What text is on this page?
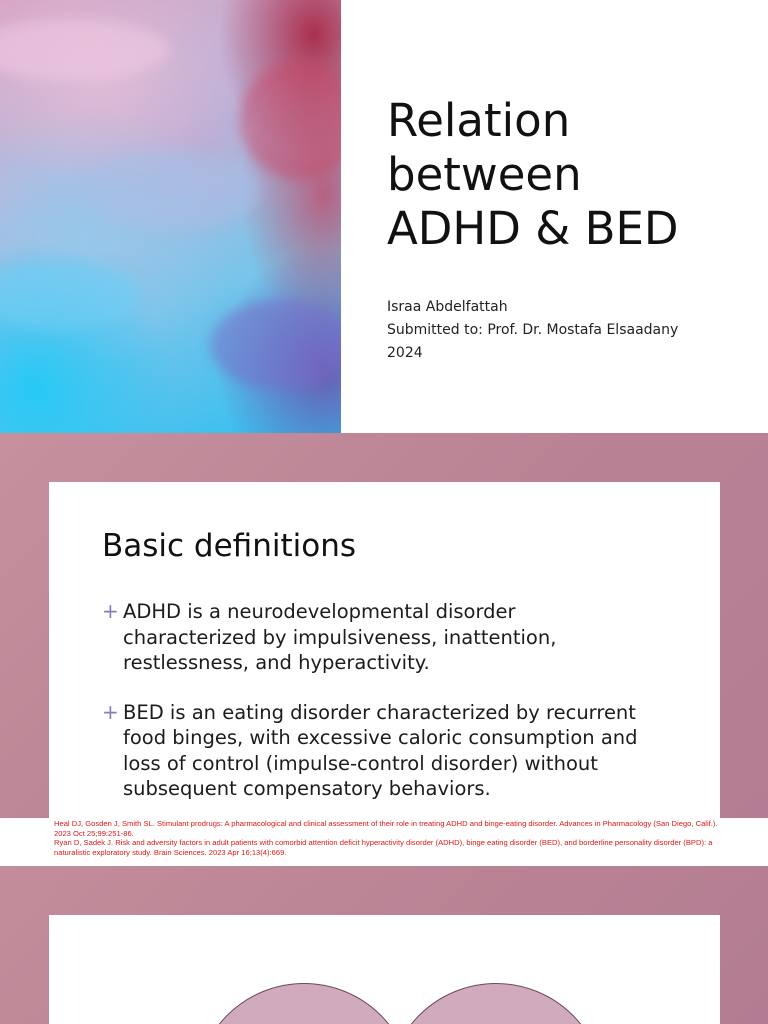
Relation
between
ADHD & BED
Israa Abdelfattah
Submitted to: Prof. Dr. Mostafa Elsaadany
2024
Basic definitions
+ ADHD is a neurodevelopmental disorder
characterized by impulsiveness, inattention,
restlessness, and hyperactivity.
+ BED is an eating disorder characterized by recurrent
food binges, with excessive caloric consumption and
loss of control (impulse-control disorder) without
subsequent compensatory behaviors.

Heal DJ, Gosden J, Smith SL. Stimulant prodrugs: A pharmacological and clinical assessment of their role in treating ADHD and binge-eating disorder. Advances in Pharmacology (San Diego, Calif.). 2023 Oct 25;99:251-86.

Ryan D, Sadek J. Risk and adversity factors in adult patients with comorbid attention deficit hyperactivity disorder (ADHD), binge eating disorder (BED), and borderline personality disorder (BPD): a naturalistic exploratory study. Brain Sciences. 2023 Apr 16;13(4):669.
